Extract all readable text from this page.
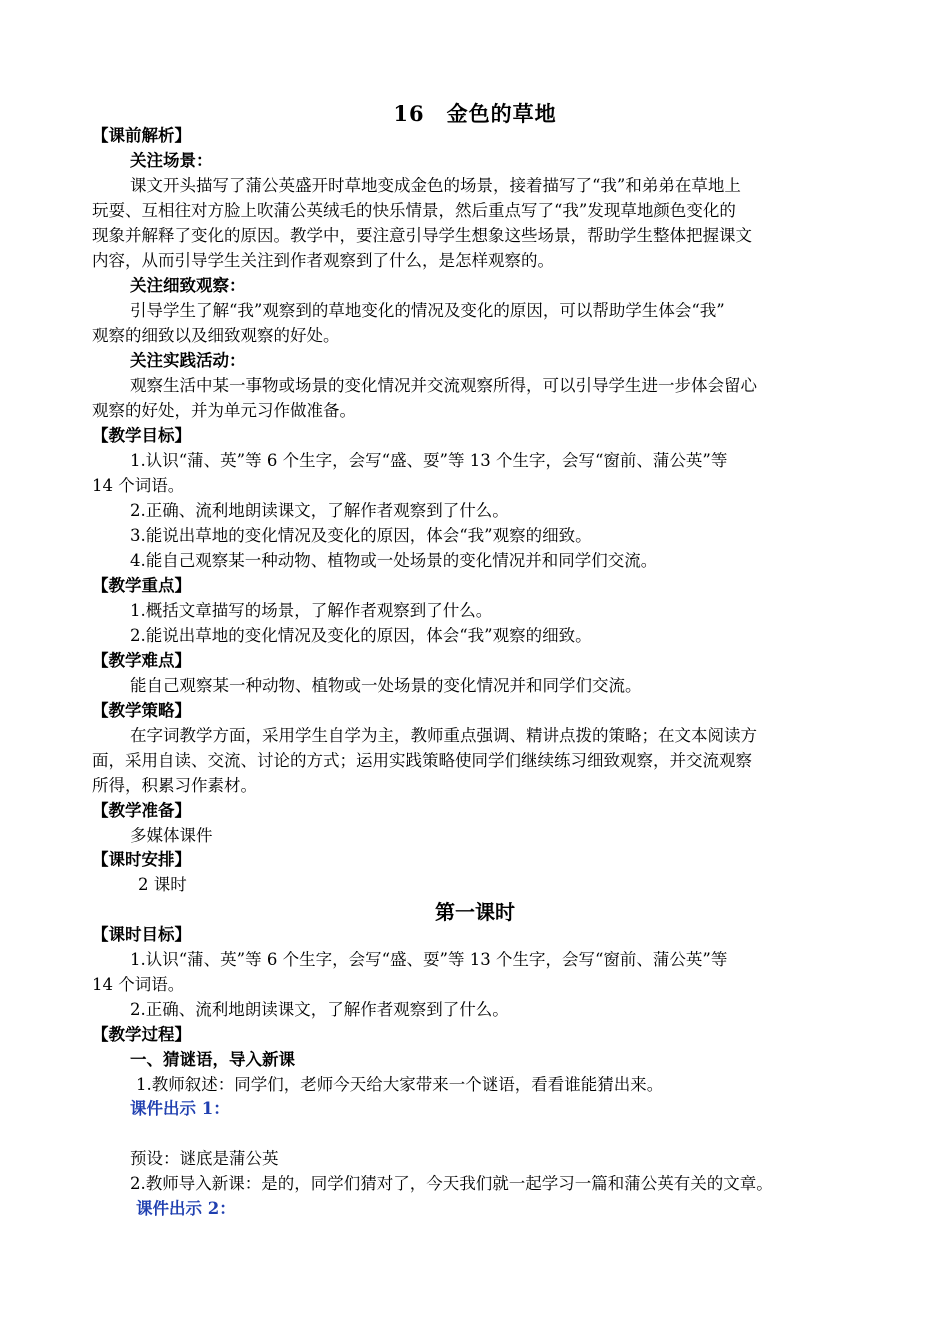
16　金色的草地
【课前解析】
关注场景：
课文开头描写了蒲公英盛开时草地变成金色的场景，接着描写了“我”和弟弟在草地上
玩耍、互相往对方脸上吹蒲公英绒毛的快乐情景，然后重点写了“我”发现草地颜色变化的
现象并解释了变化的原因。教学中，要注意引导学生想象这些场景，帮助学生整体把握课文
内容，从而引导学生关注到作者观察到了什么，是怎样观察的。
关注细致观察：
引导学生了解“我”观察到的草地变化的情况及变化的原因，可以帮助学生体会“我”
观察的细致以及细致观察的好处。
关注实践活动：
观察生活中某一事物或场景的变化情况并交流观察所得，可以引导学生进一步体会留心
观察的好处，并为单元习作做准备。
【教学目标】
1.认识“蒲、英”等 6 个生字，会写“盛、耍”等 13 个生字，会写“窗前、蒲公英”等
14 个词语。
2.正确、流利地朗读课文，了解作者观察到了什么。
3.能说出草地的变化情况及变化的原因，体会“我”观察的细致。
4.能自己观察某一种动物、植物或一处场景的变化情况并和同学们交流。
【教学重点】
1.概括文章描写的场景，了解作者观察到了什么。
2.能说出草地的变化情况及变化的原因，体会“我”观察的细致。
【教学难点】
能自己观察某一种动物、植物或一处场景的变化情况并和同学们交流。
【教学策略】
在字词教学方面，采用学生自学为主，教师重点强调、精讲点拨的策略；在文本阅读方
面，采用自读、交流、讨论的方式；运用实践策略使同学们继续练习细致观察，并交流观察
所得，积累习作素材。
【教学准备】
多媒体课件
【课时安排】
2 课时
第一课时
【课时目标】
1.认识“蒲、英”等 6 个生字，会写“盛、耍”等 13 个生字，会写“窗前、蒲公英”等
14 个词语。
2.正确、流利地朗读课文，了解作者观察到了什么。
【教学过程】
一、猜谜语，导入新课
1.教师叙述：同学们，老师今天给大家带来一个谜语，看看谁能猜出来。
课件出示 1：
预设：谜底是蒲公英
2.教师导入新课：是的，同学们猜对了，今天我们就一起学习一篇和蒲公英有关的文章。
课件出示 2：
